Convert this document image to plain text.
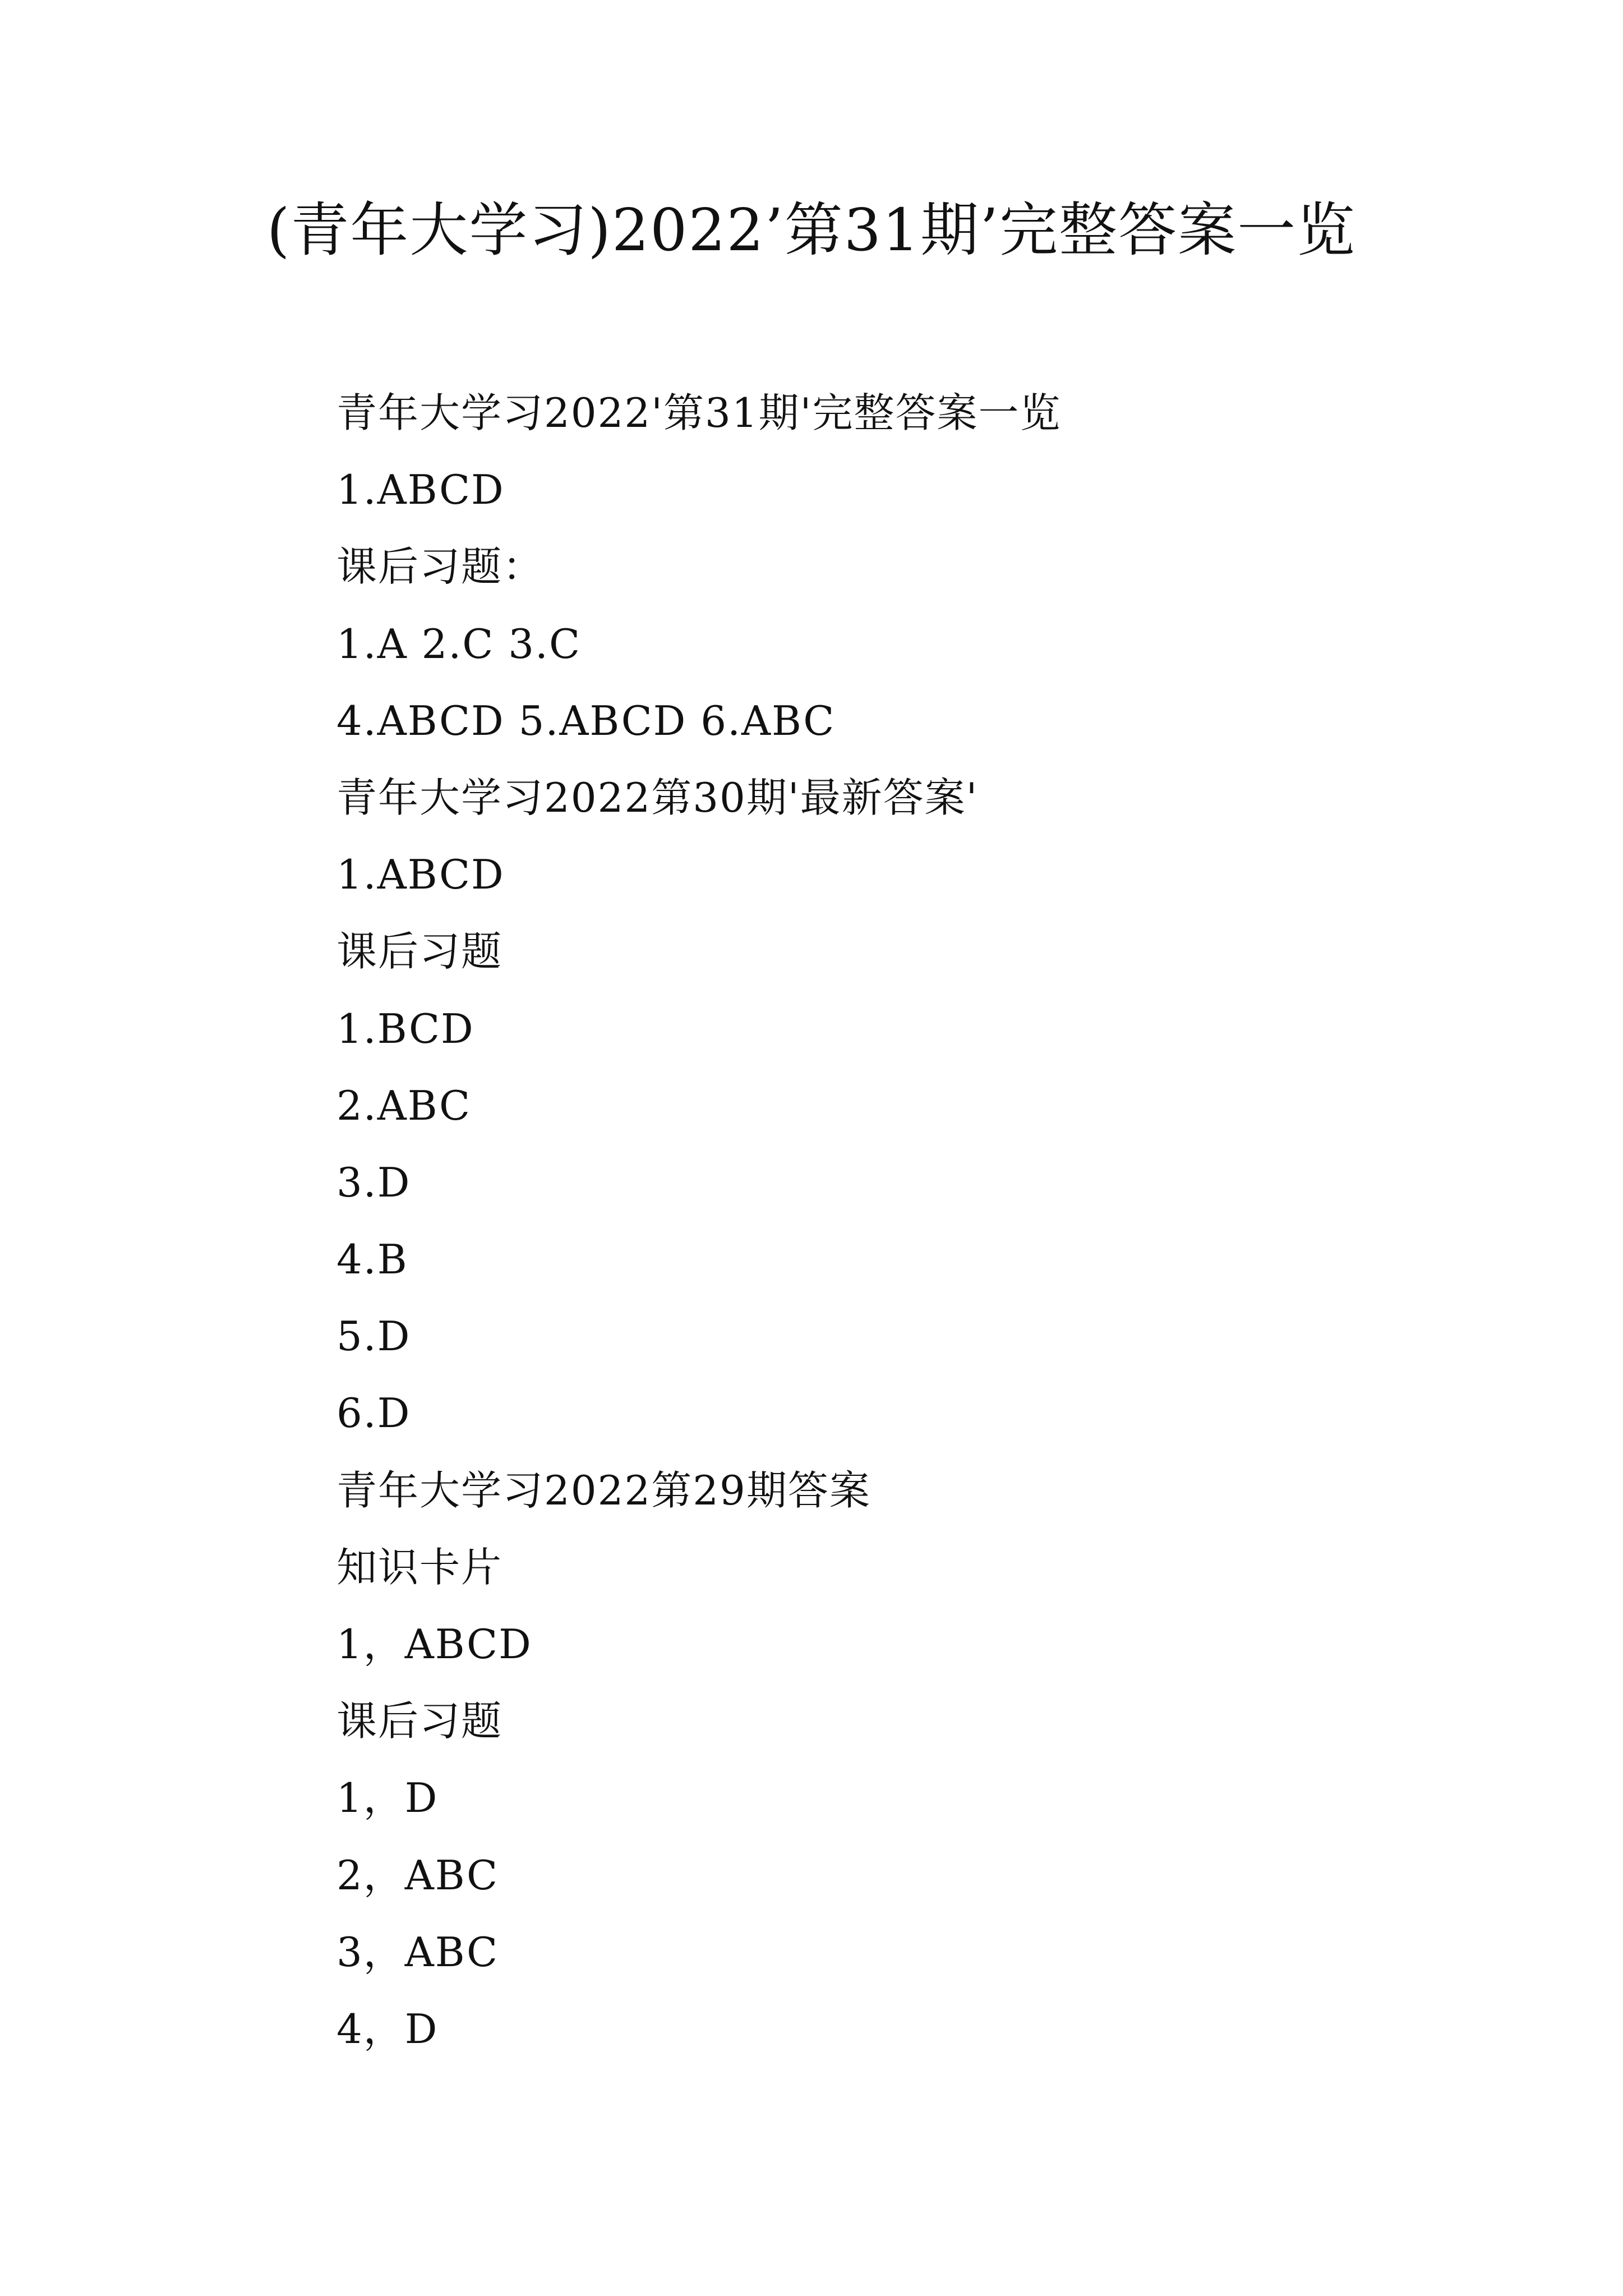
(青年大学习)2022’第31期’完整答案一览
青年大学习2022'第31期'完整答案一览
1.ABCD
课后习题：
1.A 2.C 3.C
4.ABCD 5.ABCD 6.ABC
青年大学习2022第30期'最新答案'
1.ABCD
课后习题
1.BCD
2.ABC
3.D
4.B
5.D
6.D
青年大学习2022第29期答案
知识卡片
1，ABCD
课后习题
1，D
2，ABC
3，ABC
4，D
